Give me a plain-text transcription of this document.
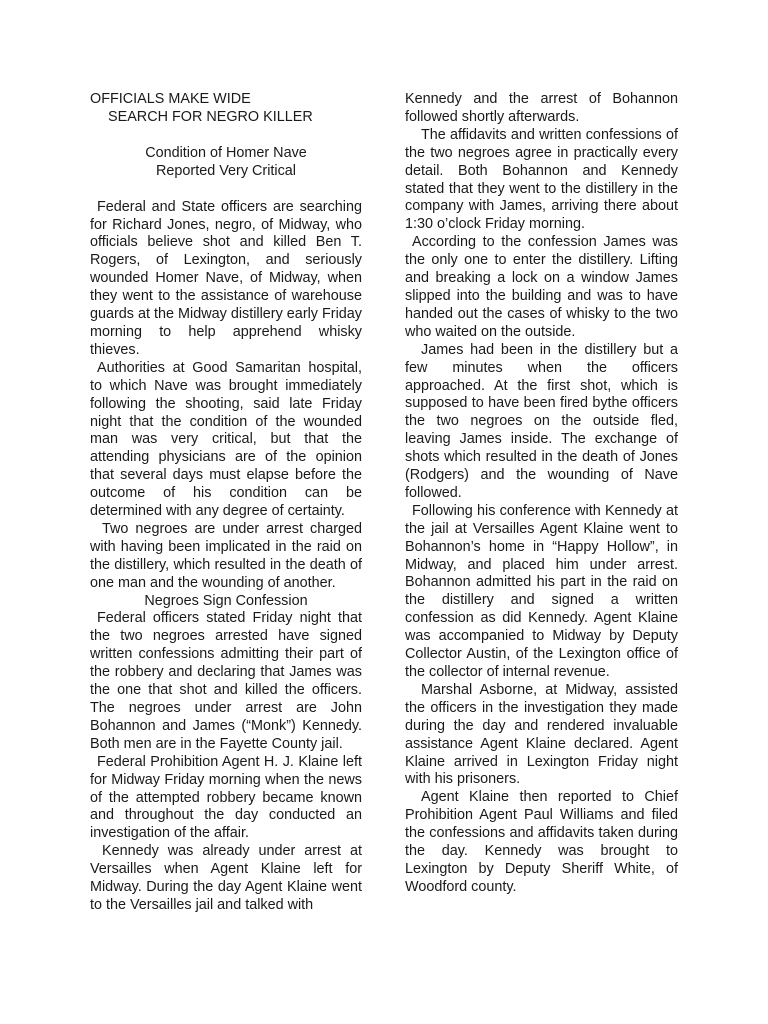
OFFICIALS MAKE WIDE
SEARCH FOR NEGRO KILLER
Condition of Homer Nave
Reported Very Critical

Federal and State officers are searching for Richard Jones, negro, of Midway, who officials believe shot and killed Ben T. Rogers, of Lexington, and seriously wounded Homer Nave, of Midway, when they went to the assistance of warehouse guards at the Midway distillery early Friday morning to help apprehend whisky thieves.

Authorities at Good Samaritan hospital, to which Nave was brought immediately following the shooting, said late Friday night that the condition of the wounded man was very critical, but that the attending physicians are of the opinion that several days must elapse before the outcome of his condition can be determined with any degree of certainty.

Two negroes are under arrest charged with having been implicated in the raid on the distillery, which resulted in the death of one man and the wounding of another.

Negroes Sign Confession

Federal officers stated Friday night that the two negroes arrested have signed written confessions admitting their part of the robbery and declaring that James was the one that shot and killed the officers. The negroes under arrest are John Bohannon and James (“Monk”) Kennedy. Both men are in the Fayette County jail.

Federal Prohibition Agent H. J. Klaine left for Midway Friday morning when the news of the attempted robbery became known and throughout the day conducted an investigation of the affair.

Kennedy was already under arrest at Versailles when Agent Klaine left for Midway. During the day Agent Klaine went to the Versailles jail and talked with

Kennedy and the arrest of Bohannon followed shortly afterwards.

The affidavits and written confessions of the two negroes agree in practically every detail. Both Bohannon and Kennedy stated that they went to the distillery in the company with James, arriving there about 1:30 o’clock Friday morning.

According to the confession James was the only one to enter the distillery. Lifting and breaking a lock on a window James slipped into the building and was to have handed out the cases of whisky to the two who waited on the outside.

James had been in the distillery but a few minutes when the officers approached. At the first shot, which is supposed to have been fired bythe officers the two negroes on the outside fled, leaving James inside. The exchange of shots which resulted in the death of Jones (Rodgers) and the wounding of Nave followed.

Following his conference with Kennedy at the jail at Versailles Agent Klaine went to Bohannon’s home in “Happy Hollow”, in Midway, and placed him under arrest. Bohannon admitted his part in the raid on the distillery and signed a written confession as did Kennedy. Agent Klaine was accompanied to Midway by Deputy Collector Austin, of the Lexington office of the collector of internal revenue.

Marshal Asborne, at Midway, assisted the officers in the investigation they made during the day and rendered invaluable assistance Agent Klaine declared. Agent Klaine arrived in Lexington Friday night with his prisoners.

Agent Klaine then reported to Chief Prohibition Agent Paul Williams and filed the confessions and affidavits taken during the day. Kennedy was brought to Lexington by Deputy Sheriff White, of Woodford county.
